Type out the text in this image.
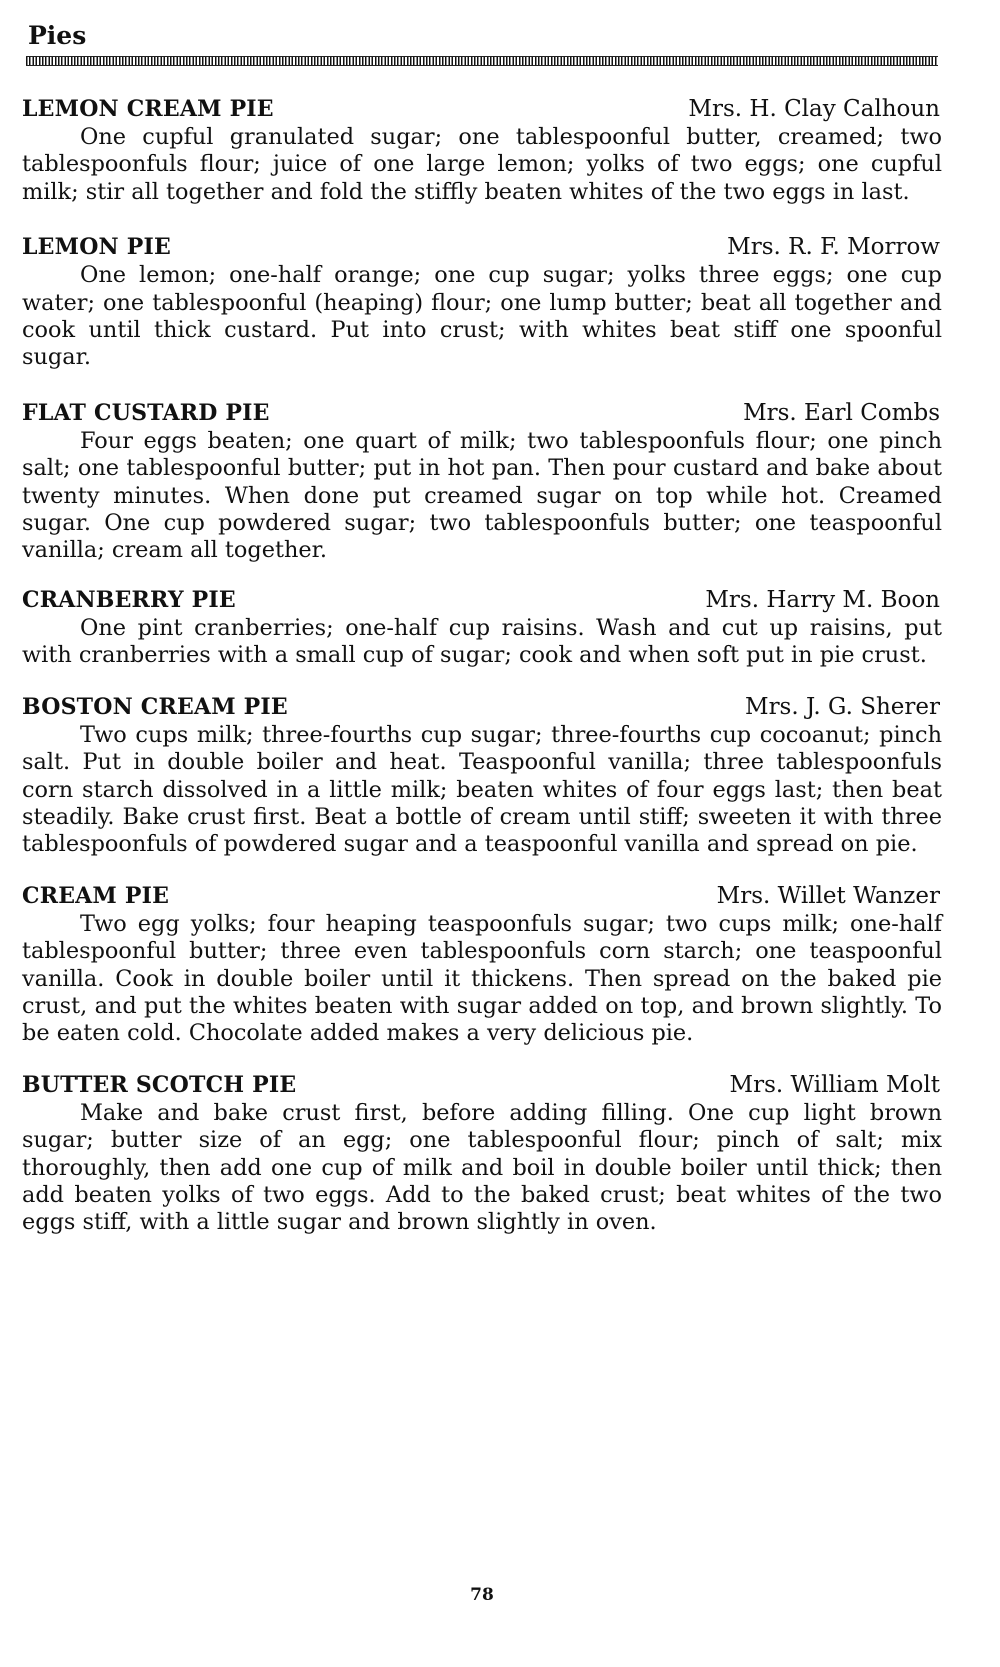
Pies
LEMON CREAM PIE	Mrs. H. Clay Calhoun

One cupful granulated sugar; one tablespoonful butter, creamed; two tablespoonfuls flour; juice of one large lemon; yolks of two eggs; one cupful milk; stir all together and fold the stiffly beaten whites of the two eggs in last.

LEMON PIE	Mrs. R. F. Morrow

One lemon; one-half orange; one cup sugar; yolks three eggs; one cup water; one tablespoonful (heaping) flour; one lump butter; beat all together and cook until thick custard. Put into crust; with whites beat stiff one spoonful sugar.

FLAT CUSTARD PIE	Mrs. Earl Combs

Four eggs beaten; one quart of milk; two tablespoonfuls flour; one pinch salt; one tablespoonful butter; put in hot pan. Then pour custard and bake about twenty minutes. When done put creamed sugar on top while hot. Creamed sugar. One cup powdered sugar; two tablespoonfuls butter; one teaspoonful vanilla; cream all together.

CRANBERRY PIE	Mrs. Harry M. Boon

One pint cranberries; one-half cup raisins. Wash and cut up raisins, put with cranberries with a small cup of sugar; cook and when soft put in pie crust.

BOSTON CREAM PIE	Mrs. J. G. Sherer

Two cups milk; three-fourths cup sugar; three-fourths cup cocoanut; pinch salt. Put in double boiler and heat. Teaspoonful vanilla; three tablespoonfuls corn starch dissolved in a little milk; beaten whites of four eggs last; then beat steadily. Bake crust first. Beat a bottle of cream until stiff; sweeten it with three tablespoonfuls of powdered sugar and a teaspoonful vanilla and spread on pie.

CREAM PIE	Mrs. Willet Wanzer

Two egg yolks; four heaping teaspoonfuls sugar; two cups milk; one-half tablespoonful butter; three even tablespoonfuls corn starch; one teaspoonful vanilla. Cook in double boiler until it thickens. Then spread on the baked pie crust, and put the whites beaten with sugar added on top, and brown slightly. To be eaten cold. Chocolate added makes a very delicious pie.

BUTTER SCOTCH PIE	Mrs. William Molt

Make and bake crust first, before adding filling. One cup light brown sugar; butter size of an egg; one tablespoonful flour; pinch of salt; mix thoroughly, then add one cup of milk and boil in double boiler until thick; then add beaten yolks of two eggs. Add to the baked crust; beat whites of the two eggs stiff, with a little sugar and brown slightly in oven.

78
